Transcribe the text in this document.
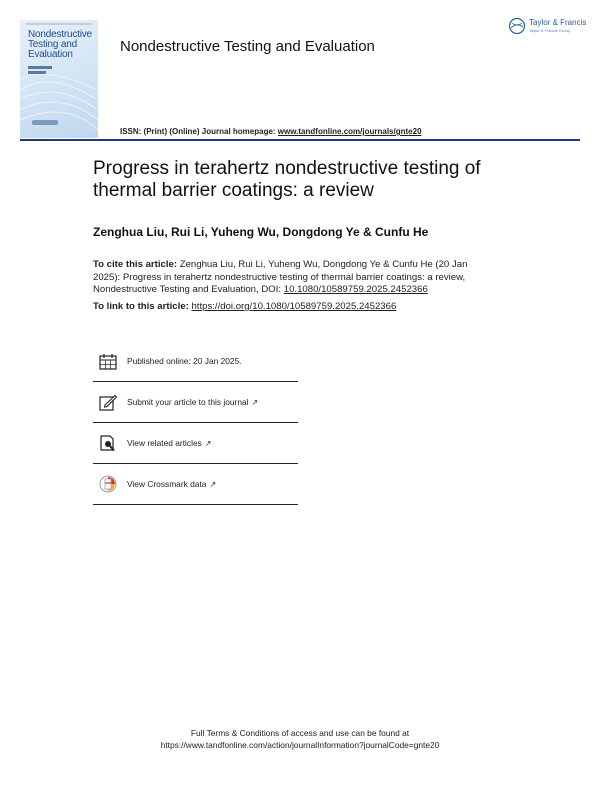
Nondestructive
Testing and
Evaluation	Nondestructive Testing and Evaluation
Taylor & Francis
Taylor & Francis Group
ISSN: (Print) (Online) Journal homepage: www.tandfonline.com/journals/gnte20
Progress in terahertz nondestructive testing of thermal barrier coatings: a review
Zenghua Liu, Rui Li, Yuheng Wu, Dongdong Ye & Cunfu He
To cite this article: Zenghua Liu, Rui Li, Yuheng Wu, Dongdong Ye & Cunfu He (20 Jan 2025): Progress in terahertz nondestructive testing of thermal barrier coatings: a review, Nondestructive Testing and Evaluation, DOI: 10.1080/10589759.2025.2452366
To link to this article: https://doi.org/10.1080/10589759.2025.2452366
Published online: 20 Jan 2025.
Submit your article to this journal ↗
View related articles ↗
View Crossmark data ↗
Full Terms & Conditions of access and use can be found at
https://www.tandfonline.com/action/journalInformation?journalCode=gnte20
